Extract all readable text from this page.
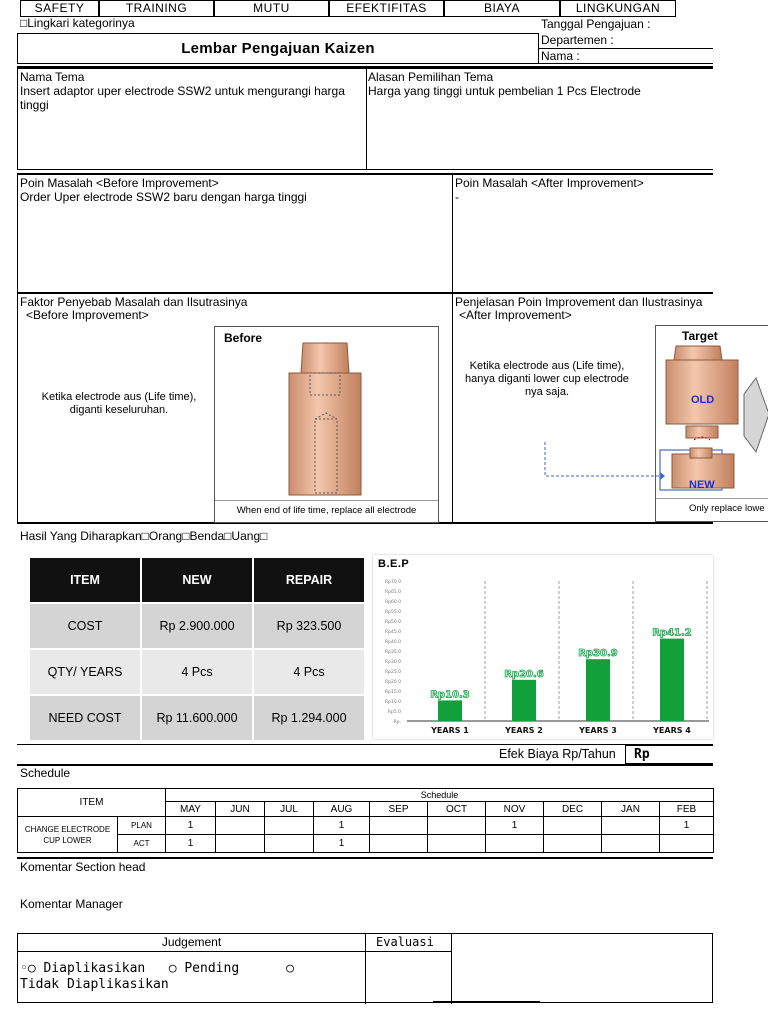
SAFETY	TRAINING	MUTU	EFEKTIFITAS	BIAYA	LINGKUNGAN
□Lingkari kategorinya
Lembar Pengajuan Kaizen
Tanggal Pengajuan :
Departemen :
Nama :
Nama Tema
Insert adaptor uper electrode SSW2 untuk mengurangi harga tinggi
Alasan Pemilihan Tema
Harga yang tinggi untuk pembelian 1 Pcs Electrode
Poin Masalah <Before Improvement>
Order Uper electrode SSW2 baru dengan harga tinggi
Poin Masalah <After Improvement>
-
Faktor Penyebab Masalah dan Ilsutrasinya
<Before Improvement>
Ketika electrode aus (Life time), diganti keseluruhan.
Before
When end of life time, replace all electrode
Penjelasan Poin Improvement dan Ilustrasinya
<After Improvement>
Ketika electrode aus (Life time), hanya diganti lower cup electrode nya saja.
Target
OLD
NEW
Only replace lowe
Hasil Yang Diharapkan□Orang□Benda□Uang□
ITEM	NEW	REPAIR
COST	Rp 2.900.000	Rp 323.500
QTY/ YEARS	4 Pcs	4 Pcs
NEED COST	Rp 11.600.000	Rp 1.294.000
B.E.P
Rp.
Rp5.0
Rp10.0
Rp15.0
Rp20.0
Rp25.0
Rp30.0
Rp35.0
Rp40.0
Rp45.0
Rp50.0
Rp55.0
Rp60.0
Rp65.0
Rp70.0
Rp10.3
YEARS 1
Rp20.6
YEARS 2
Rp30.9
YEARS 3
Rp41.2
YEARS 4
Efek Biaya Rp/Tahun Rp
Schedule
ITEM		Schedule									
		MAY	JUN	JUL	AUG	SEP	OCT	NOV	DEC	JAN	FEB
CHANGE ELECTRODE CUP LOWER	PLAN	1			1			1			1
	ACT	1			1						
Komentar Section head
Komentar Manager
Judgement	Evaluasi
◦○ Diaplikasikan   ○ Pending      ○
Tidak Diaplikasikan
